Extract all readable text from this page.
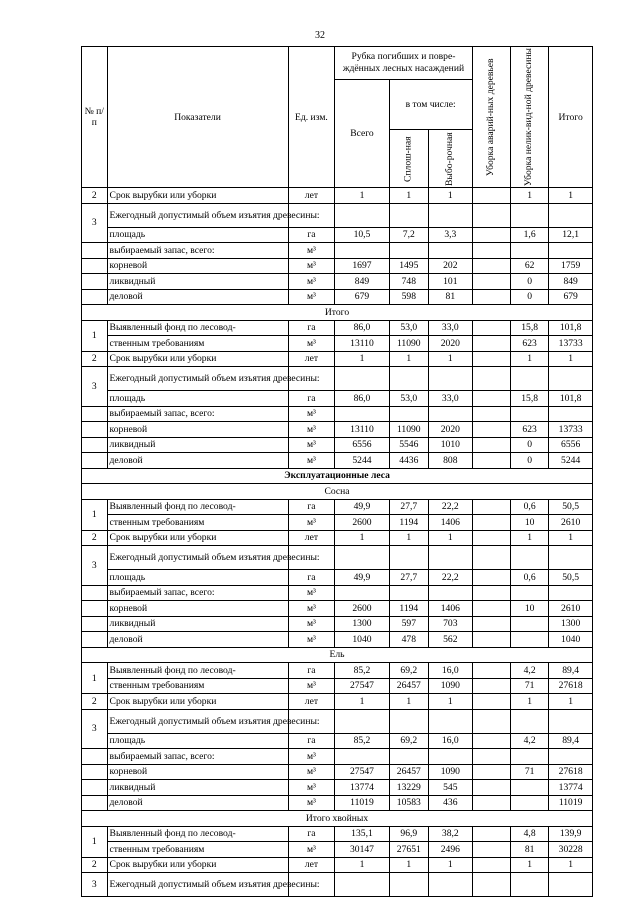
32
№ п/п	Показатели	Ед. изм.	Рубка погибших и повре-ждённых лесных насаждений			Уборка аварий-ных деревьев	Уборка нелик-вид-ной древесины	Итого
			Всего	в том числе:				
				Сплош-ная	Выбо-рочная			
2	Срок вырубки или уборки	лет	1	1	1		1	1
3	Ежегодный допустимый объем изъятия древесины:							
	площадь	га	10,5	7,2	3,3		1,6	12,1
	выбираемый запас, всего:	м³						
	корневой	м³	1697	1495	202		62	1759
	ликвидный	м³	849	748	101		0	849
	деловой	м³	679	598	81		0	679
Итого								
1	Выявленный фонд по лесовод-	га	86,0	53,0	33,0		15,8	101,8
	ственным требованиям	м³	13110	11090	2020		623	13733
2	Срок вырубки или уборки	лет	1	1	1		1	1
3	Ежегодный допустимый объем изъятия древесины:							
	площадь	га	86,0	53,0	33,0		15,8	101,8
	выбираемый запас, всего:	м³						
	корневой	м³	13110	11090	2020		623	13733
	ликвидный	м³	6556	5546	1010		0	6556
	деловой	м³	5244	4436	808		0	5244
Эксплуатационные леса								
Сосна								
1	Выявленный фонд по лесовод-	га	49,9	27,7	22,2		0,6	50,5
	ственным требованиям	м³	2600	1194	1406		10	2610
2	Срок вырубки или уборки	лет	1	1	1		1	1
3	Ежегодный допустимый объем изъятия древесины:							
	площадь	га	49,9	27,7	22,2		0,6	50,5
	выбираемый запас, всего:	м³						
	корневой	м³	2600	1194	1406		10	2610
	ликвидный	м³	1300	597	703			1300
	деловой	м³	1040	478	562			1040
Ель								
1	Выявленный фонд по лесовод-	га	85,2	69,2	16,0		4,2	89,4
	ственным требованиям	м³	27547	26457	1090		71	27618
2	Срок вырубки или уборки	лет	1	1	1		1	1
3	Ежегодный допустимый объем изъятия древесины:							
	площадь	га	85,2	69,2	16,0		4,2	89,4
	выбираемый запас, всего:	м³						
	корневой	м³	27547	26457	1090		71	27618
	ликвидный	м³	13774	13229	545			13774
	деловой	м³	11019	10583	436			11019
Итого хвойных								
1	Выявленный фонд по лесовод-	га	135,1	96,9	38,2		4,8	139,9
	ственным требованиям	м³	30147	27651	2496		81	30228
2	Срок вырубки или уборки	лет	1	1	1		1	1
3	Ежегодный допустимый объем изъятия древесины:							
